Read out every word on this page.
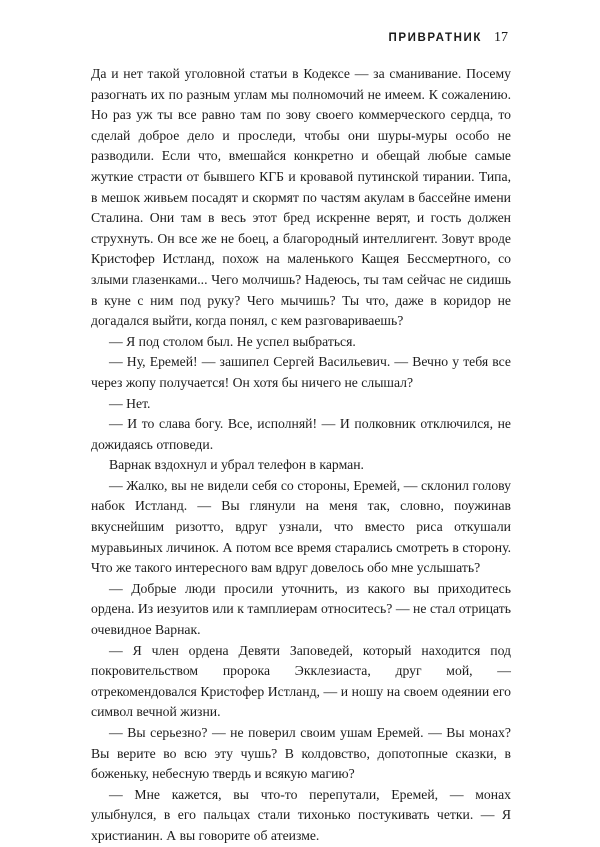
ПРИВРАТНИК 17

Да и нет такой уголовной статьи в Кодексе — за сманивание. Посему разогнать их по разным углам мы полномочий не имеем. К сожалению. Но раз уж ты все равно там по зову своего коммерческого сердца, то сделай доброе дело и проследи, чтобы они шуры-муры особо не разводили. Если что, вмешайся конкретно и обещай любые самые жуткие страсти от бывшего КГБ и кровавой путинской тирании. Типа, в мешок живьем посадят и скормят по частям акулам в бассейне имени Сталина. Они там в весь этот бред искренне верят, и гость должен струхнуть. Он все же не боец, а благородный интеллигент. Зовут вроде Кристофер Истланд, похож на маленького Кащея Бессмертного, со злыми глазенками... Чего молчишь? Надеюсь, ты там сейчас не сидишь в куне с ним под руку? Чего мычишь? Ты что, даже в коридор не догадался выйти, когда понял, с кем разговариваешь?

— Я под столом был. Не успел выбраться.

— Ну, Еремей! — зашипел Сергей Васильевич. — Вечно у тебя все через жопу получается! Он хотя бы ничего не слышал?

— Нет.

— И то слава богу. Все, исполняй! — И полковник отключился, не дожидаясь отповеди.

Варнак вздохнул и убрал телефон в карман.

— Жалко, вы не видели себя со стороны, Еремей, — склонил голову набок Истланд. — Вы глянули на меня так, словно, поужинав вкуснейшим ризотто, вдруг узнали, что вместо риса откушали муравьиных личинок. А потом все время старались смотреть в сторону. Что же такого интересного вам вдруг довелось обо мне услышать?

— Добрые люди просили уточнить, из какого вы приходитесь ордена. Из иезуитов или к тамплиерам относитесь? — не стал отрицать очевидное Варнак.

— Я член ордена Девяти Заповедей, который находится под покровительством пророка Экклезиаста, друг мой, — отрекомендовался Кристофер Истланд, — и ношу на своем одеянии его символ вечной жизни.

— Вы серьезно? — не поверил своим ушам Еремей. — Вы монах? Вы верите во всю эту чушь? В колдовство, допотопные сказки, в боженьку, небесную твердь и всякую магию?

— Мне кажется, вы что-то перепутали, Еремей, — монах улыбнулся, в его пальцах стали тихонько постукивать четки. — Я христианин. А вы говорите об атеизме.
